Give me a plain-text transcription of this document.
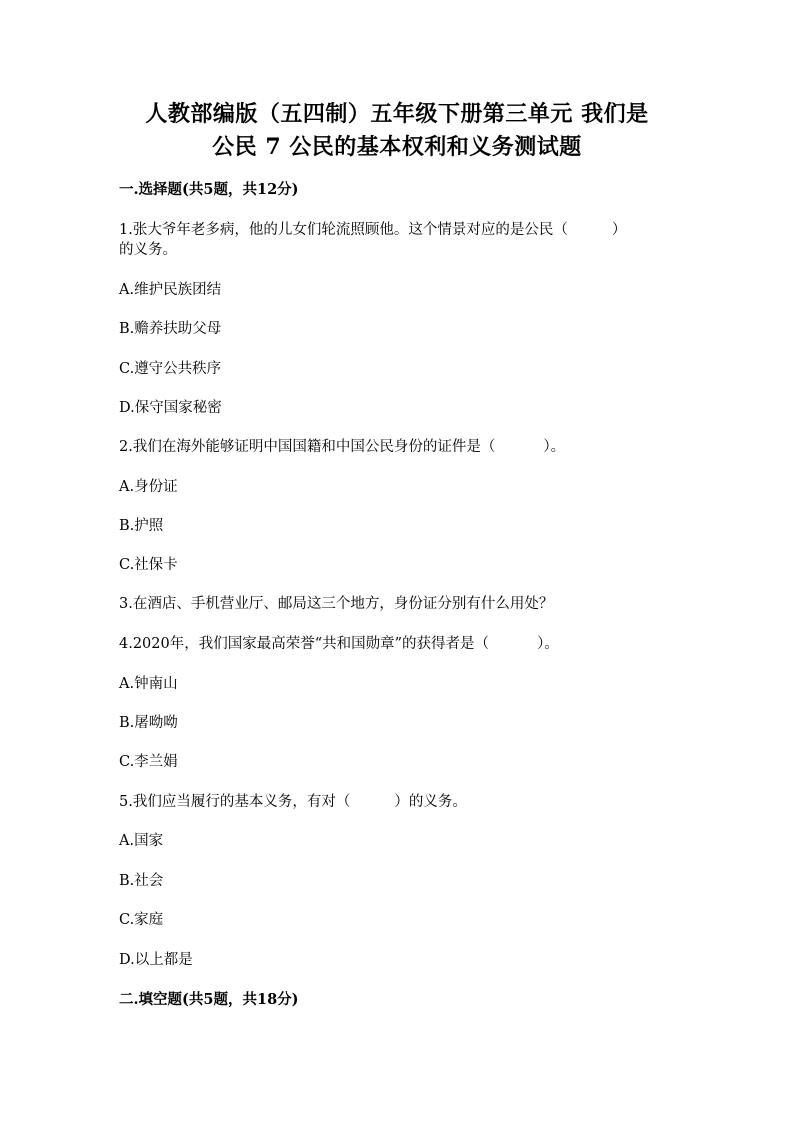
人教部编版（五四制）五年级下册第三单元 我们是
公民 7 公民的基本权利和义务测试题
一.选择题(共5题，共12分)
1.张大爷年老多病，他的儿女们轮流照顾他。这个情景对应的是公民（	）
的义务。
A.维护民族团结
B.赡养扶助父母
C.遵守公共秩序
D.保守国家秘密
2.我们在海外能够证明中国国籍和中国公民身份的证件是（	）。
A.身份证
B.护照
C.社保卡
3.在酒店、手机营业厅、邮局这三个地方，身份证分别有什么用处？
4.2020年，我们国家最高荣誉“共和国勋章”的获得者是（	）。
A.钟南山
B.屠呦呦
C.李兰娟
5.我们应当履行的基本义务，有对（	）的义务。
A.国家
B.社会
C.家庭
D.以上都是
二.填空题(共5题，共18分)
